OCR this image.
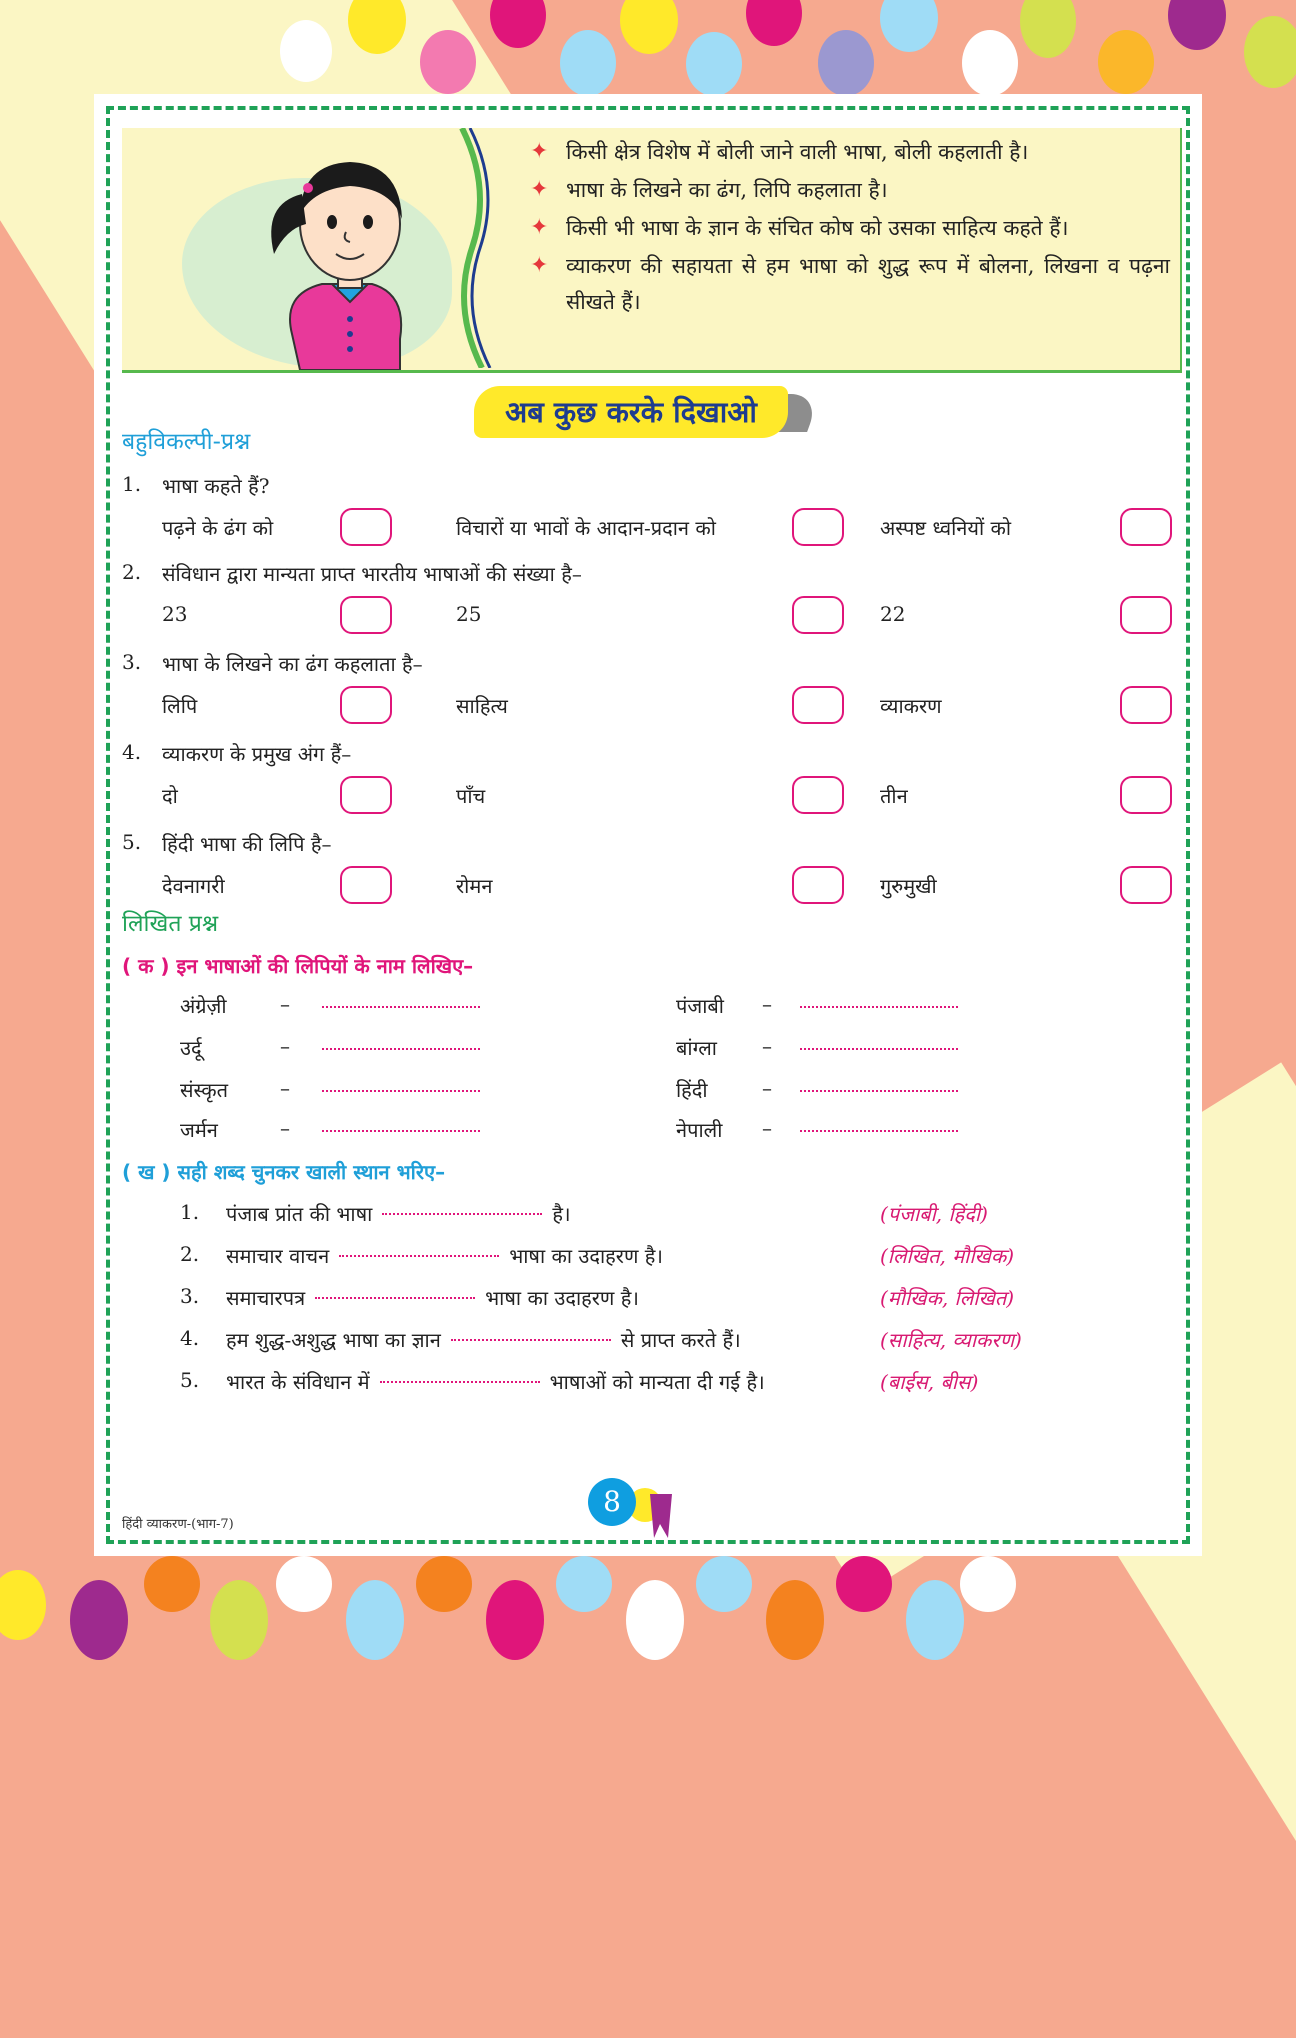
✦ किसी क्षेत्र विशेष में बोली जाने वाली भाषा, बोली कहलाती है।
✦ भाषा के लिखने का ढंग, लिपि कहलाता है।
✦ किसी भी भाषा के ज्ञान के संचित कोष को उसका साहित्य कहते हैं।
✦ व्याकरण की सहायता से हम भाषा को शुद्ध रूप में बोलना, लिखना व पढ़ना सीखते हैं।
अब कुछ करके दिखाओ
बहुविकल्पी-प्रश्न
1. भाषा कहते हैं?
पढ़ने के ढंग को	विचारों या भावों के आदान-प्रदान को	अस्पष्ट ध्वनियों को
2. संविधान द्वारा मान्यता प्राप्त भारतीय भाषाओं की संख्या है–
23	25	22
3. भाषा के लिखने का ढंग कहलाता है–
लिपि	साहित्य	व्याकरण
4. व्याकरण के प्रमुख अंग हैं–
दो	पाँच	तीन
5. हिंदी भाषा की लिपि है–
देवनागरी	रोमन	गुरुमुखी
लिखित प्रश्न
( क ) इन भाषाओं की लिपियों के नाम लिखिए–
अंग्रेज़ी	–	पंजाबी –
उर्दू	–	बांग्ला –
संस्कृत	–	हिंदी	–
जर्मन	–	नेपाली –
( ख ) सही शब्द चुनकर खाली स्थान भरिए–
1. पंजाब प्रांत की भाषा	है।	(पंजाबी, हिंदी)
2. समाचार वाचन	भाषा का उदाहरण है।	(लिखित, मौखिक)
3. समाचारपत्र	भाषा का उदाहरण है।	(मौखिक, लिखित)
4. हम शुद्ध-अशुद्ध भाषा का ज्ञान	से प्राप्त करते हैं।	(साहित्य, व्याकरण)
5. भारत के संविधान में	भाषाओं को मान्यता दी गई है।	(बाईस, बीस)
8
हिंदी व्याकरण-(भाग-7)
